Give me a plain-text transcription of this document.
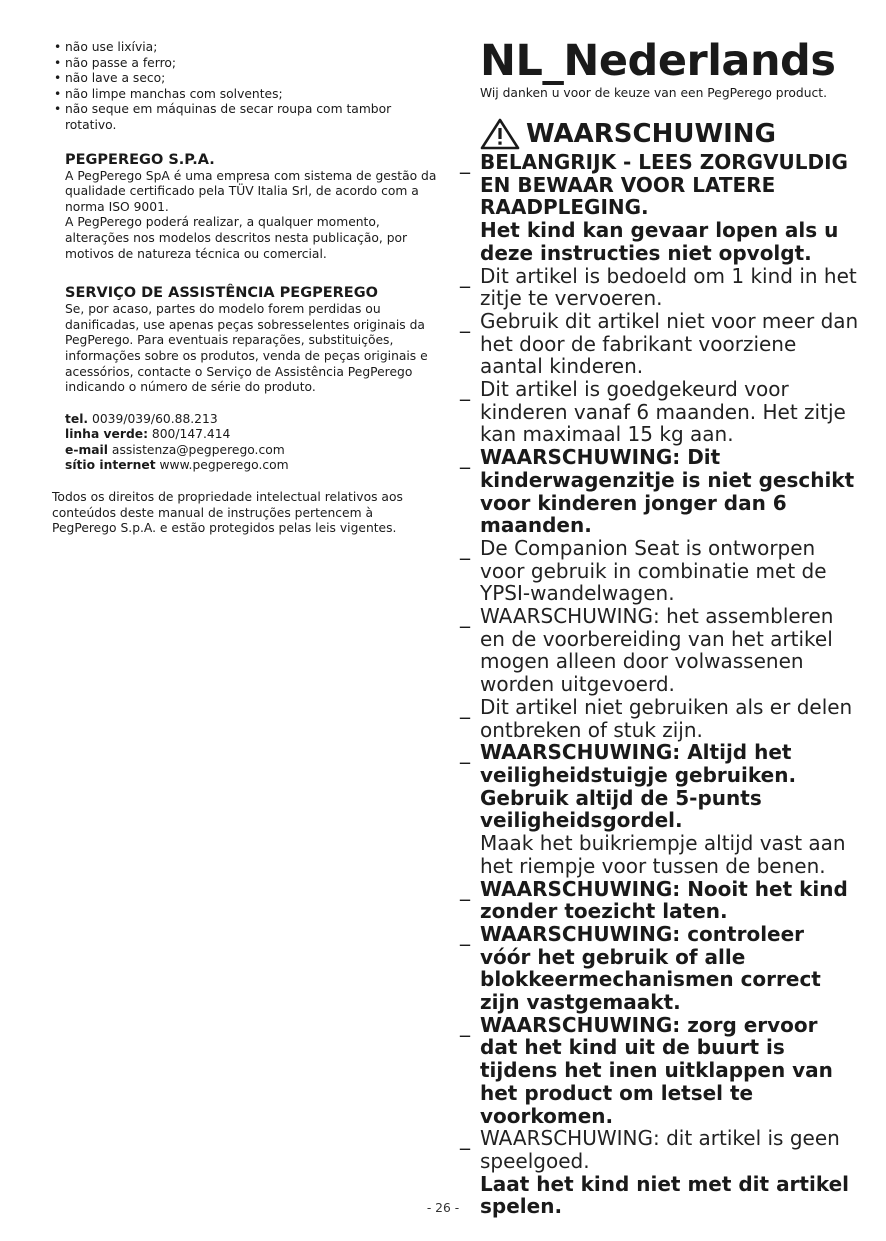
• não use lixívia;
• não passe a ferro;
• não lave a seco;
• não limpe manchas com solventes;
• não seque em máquinas de secar roupa com tambor rotativo.
PEGPEREGO S.P.A.

A PegPerego SpA é uma empresa com sistema de gestão da qualidade certificado pela TÜV Italia Srl, de acordo com a norma ISO 9001.

A PegPerego poderá realizar, a qualquer momento, alterações nos modelos descritos nesta publicação, por motivos de natureza técnica ou comercial.

SERVIÇO DE ASSISTÊNCIA PEGPEREGO

Se, por acaso, partes do modelo forem perdidas ou danificadas, use apenas peças sobresselentes originais da PegPerego. Para eventuais reparações, substituições, informações sobre os produtos, venda de peças originais e acessórios, contacte o Serviço de Assistência PegPerego indicando o número de série do produto.

tel. 0039/039/60.88.213
linha verde: 800/147.414
e-mail assistenza@pegperego.com
sítio internet www.pegperego.com

Todos os direitos de propriedade intelectual relativos aos conteúdos deste manual de instruções pertencem à PegPerego S.p.A. e estão protegidos pelas leis vigentes.

NL_Nederlands

Wij danken u voor de keuze van een PegPerego product.

WAARSCHUWING
_ BELANGRIJK - LEES ZORGVULDIG EN BEWAAR VOOR LATERE RAADPLEGING.
Het kind kan gevaar lopen als u deze instructies niet opvolgt.
_ Dit artikel is bedoeld om 1 kind in het zitje te vervoeren.
_ Gebruik dit artikel niet voor meer dan het door de fabrikant voorziene aantal kinderen.
_ Dit artikel is goedgekeurd voor kinderen vanaf 6 maanden. Het zitje kan maximaal 15 kg aan.
_ WAARSCHUWING: Dit kinderwagenzitje is niet geschikt voor kinderen jonger dan 6 maanden.
_ De Companion Seat is ontworpen voor gebruik in combinatie met de YPSI-wandelwagen.
_ WAARSCHUWING: het assembleren en de voorbereiding van het artikel mogen alleen door volwassenen worden uitgevoerd.
_ Dit artikel niet gebruiken als er delen ontbreken of stuk zijn.
_ WAARSCHUWING: Altijd het veiligheidstuigje gebruiken. Gebruik altijd de 5-punts veiligheidsgordel.
Maak het buikriempje altijd vast aan het riempje voor tussen de benen.
_ WAARSCHUWING: Nooit het kind zonder toezicht laten.
_ WAARSCHUWING: controleer vóór het gebruik of alle blokkeermechanismen correct zijn vastgemaakt.
_ WAARSCHUWING: zorg ervoor dat het kind uit de buurt is tijdens het inen uitklappen van het product om letsel te voorkomen.
_ WAARSCHUWING: dit artikel is geen speelgoed.
Laat het kind niet met dit artikel spelen.
- 26 -
